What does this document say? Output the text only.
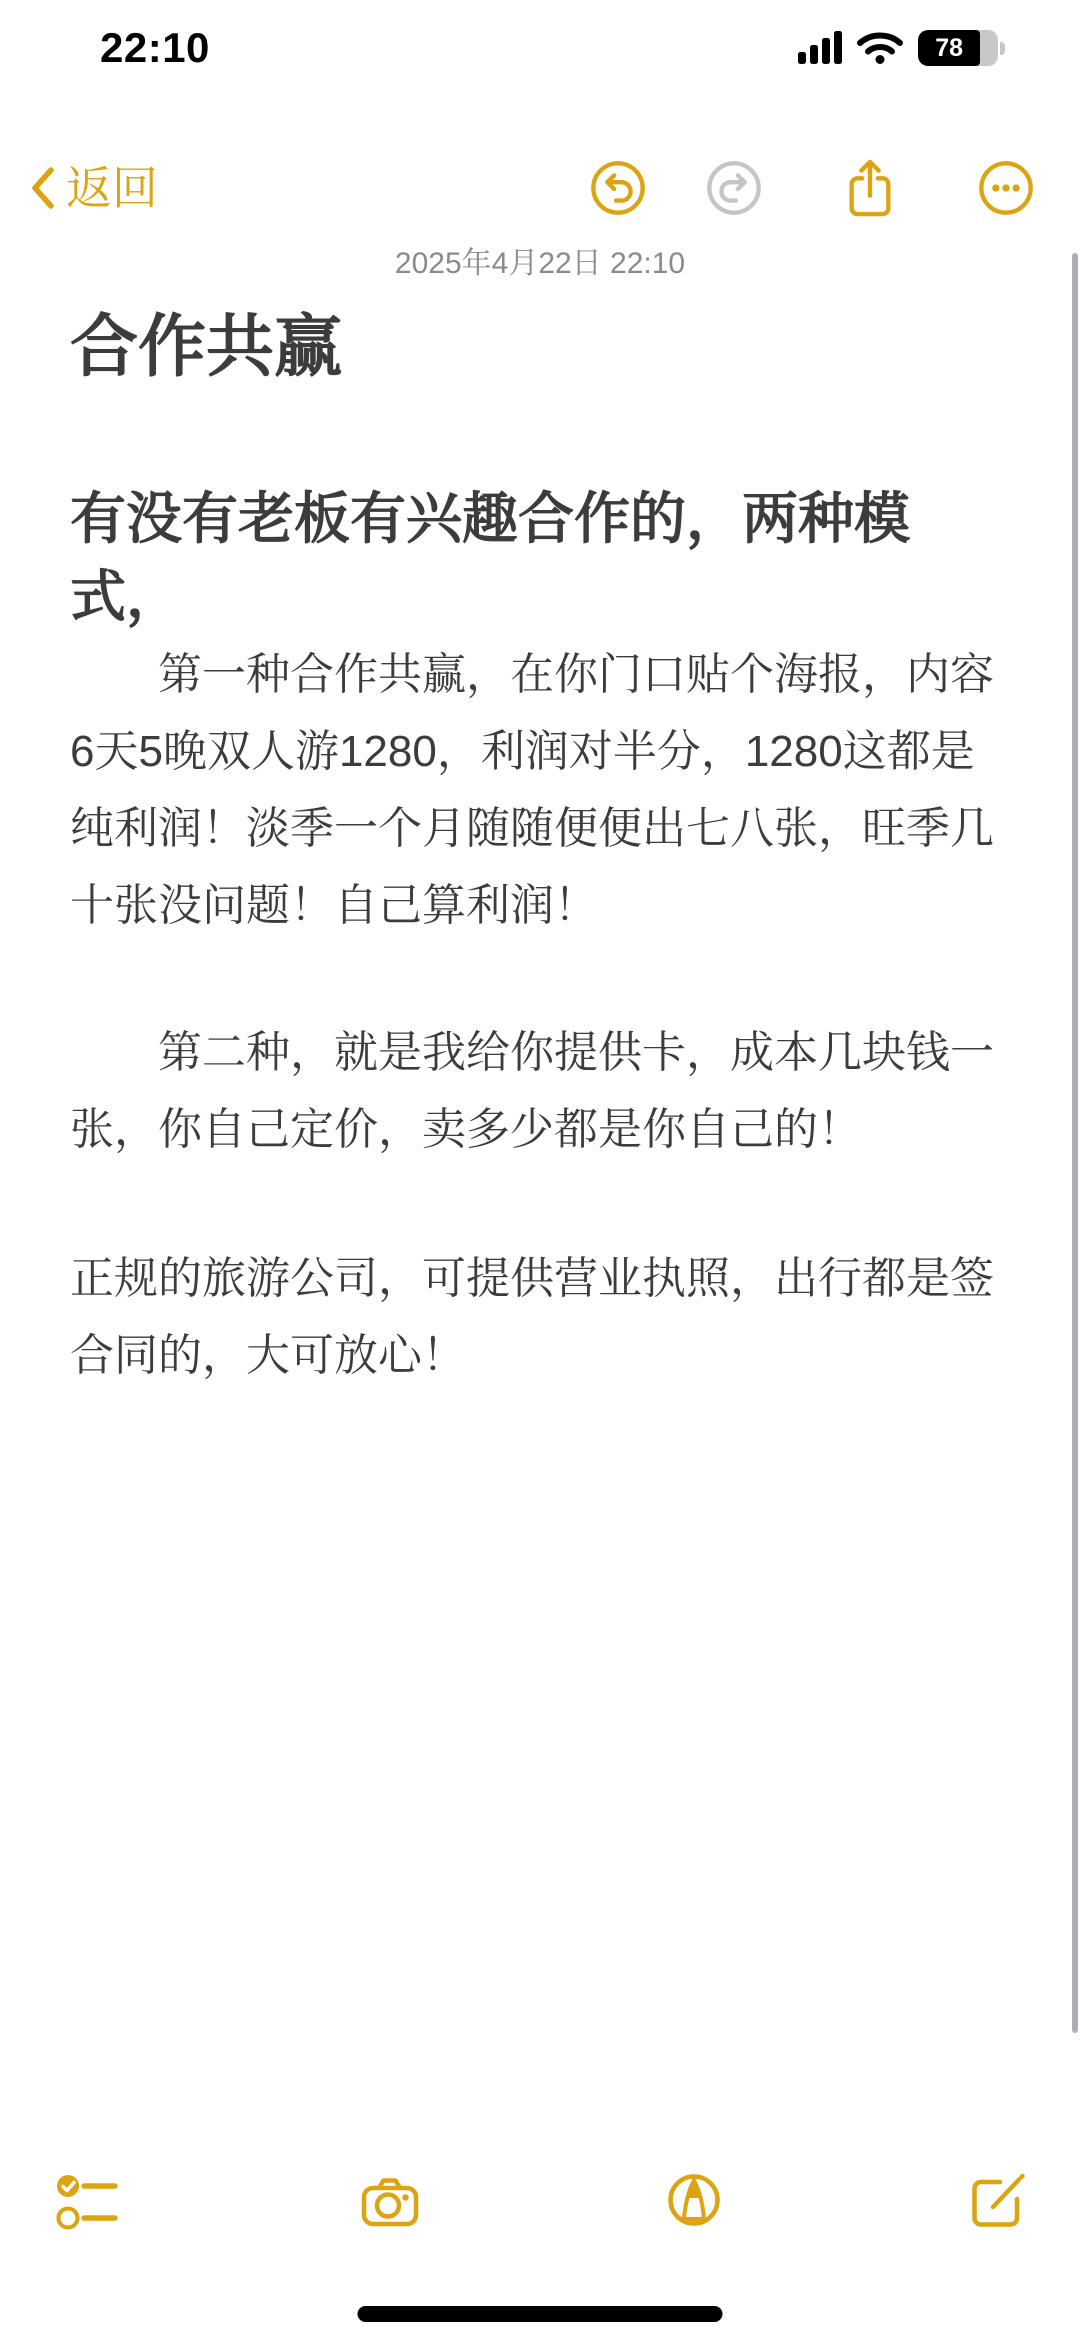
22:10	78
返回
2025年4月22日 22:10
合作共赢
有没有老板有兴趣合作的，两种模式，

　　第一种合作共赢，在你门口贴个海报，内容6天5晚双人游1280，利润对半分，1280这都是纯利润！淡季一个月随随便便出七八张，旺季几十张没问题！自己算利润！

　　第二种，就是我给你提供卡，成本几块钱一张，你自己定价，卖多少都是你自己的！

正规的旅游公司，可提供营业执照，出行都是签合同的，大可放心！
